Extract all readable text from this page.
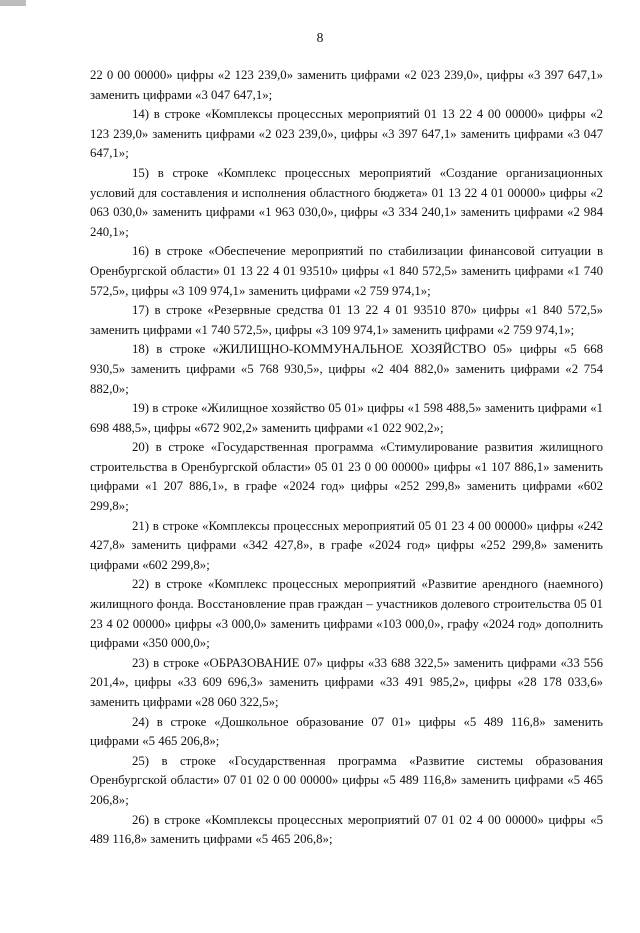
8

22 0 00 00000» цифры «2 123 239,0» заменить цифрами «2 023 239,0», цифры «3 397 647,1» заменить цифрами «3 047 647,1»;

14) в строке «Комплексы процессных мероприятий 01 13 22 4 00 00000» цифры «2 123 239,0» заменить цифрами «2 023 239,0», цифры «3 397 647,1» заменить цифрами «3 047 647,1»;

15) в строке «Комплекс процессных мероприятий «Создание организационных условий для составления и исполнения областного бюджета» 01 13 22 4 01 00000» цифры «2 063 030,0» заменить цифрами «1 963 030,0», цифры «3 334 240,1» заменить цифрами «2 984 240,1»;

16) в строке «Обеспечение мероприятий по стабилизации финансовой ситуации в Оренбургской области» 01 13 22 4 01 93510» цифры «1 840 572,5» заменить цифрами «1 740 572,5», цифры «3 109 974,1» заменить цифрами «2 759 974,1»;

17) в строке «Резервные средства 01 13 22 4 01 93510 870» цифры «1 840 572,5» заменить цифрами «1 740 572,5», цифры «3 109 974,1» заменить цифрами «2 759 974,1»;

18) в строке «ЖИЛИЩНО-КОММУНАЛЬНОЕ ХОЗЯЙСТВО 05» цифры «5 668 930,5» заменить цифрами «5 768 930,5», цифры «2 404 882,0» заменить цифрами «2 754 882,0»;

19) в строке «Жилищное хозяйство 05 01» цифры «1 598 488,5» заменить цифрами «1 698 488,5», цифры «672 902,2» заменить цифрами «1 022 902,2»;

20) в строке «Государственная программа «Стимулирование развития жилищного строительства в Оренбургской области» 05 01 23 0 00 00000» цифры «1 107 886,1» заменить цифрами «1 207 886,1», в графе «2024 год» цифры «252 299,8» заменить цифрами «602 299,8»;

21) в строке «Комплексы процессных мероприятий 05 01 23 4 00 00000» цифры «242 427,8» заменить цифрами «342 427,8», в графе «2024 год» цифры «252 299,8» заменить цифрами «602 299,8»;

22) в строке «Комплекс процессных мероприятий «Развитие арендного (наемного) жилищного фонда. Восстановление прав граждан – участников долевого строительства 05 01 23 4 02 00000» цифры «3 000,0» заменить цифрами «103 000,0», графу «2024 год» дополнить цифрами «350 000,0»;

23) в строке «ОБРАЗОВАНИЕ 07» цифры «33 688 322,5» заменить цифрами «33 556 201,4», цифры «33 609 696,3» заменить цифрами «33 491 985,2», цифры «28 178 033,6» заменить цифрами «28 060 322,5»;

24) в строке «Дошкольное образование 07 01» цифры «5 489 116,8» заменить цифрами «5 465 206,8»;

25) в строке «Государственная программа «Развитие системы образования Оренбургской области» 07 01 02 0 00 00000» цифры «5 489 116,8» заменить цифрами «5 465 206,8»;

26) в строке «Комплексы процессных мероприятий 07 01 02 4 00 00000» цифры «5 489 116,8» заменить цифрами «5 465 206,8»;
